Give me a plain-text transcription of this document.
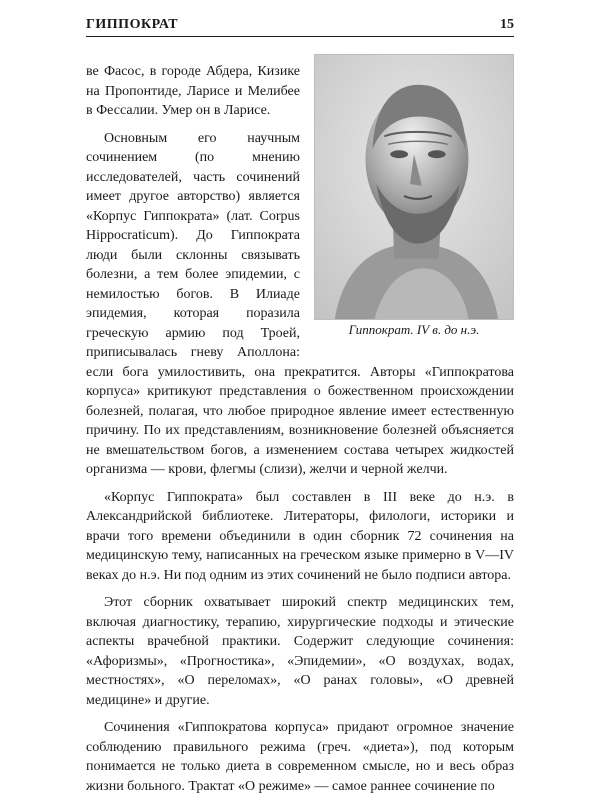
ГИППОКРАТ	15
Гиппократ. IV в. до н.э.

ве Фасос, в городе Абдера, Кизике на Пропонтиде, Ларисе и Мелибее в Фессалии. Умер он в Ларисе.

Основным его научным сочинением (по мнению исследователей, часть сочинений имеет другое авторство) является «Корпус Гиппократа» (лат. Corpus Hippocraticum). До Гиппократа люди были склонны связывать болезни, а тем более эпидемии, с немилостью богов. В Илиаде эпидемия, которая поразила греческую армию под Троей, приписывалась гневу Аполлона: если бога умилостивить, она прекратится. Авторы «Гиппократова корпуса» критикуют представления о божественном происхождении болезней, полагая, что любое природное явление имеет естественную причину. По их представлениям, возникновение болезней объясняется не вмешательством богов, а изменением состава четырех жидкостей организма — крови, флегмы (слизи), желчи и черной желчи.

«Корпус Гиппократа» был составлен в III веке до н.э. в Александрийской библиотеке. Литераторы, филологи, историки и врачи того времени объединили в один сборник 72 сочинения на медицинскую тему, написанных на греческом языке примерно в V—IV веках до н.э. Ни под одним из этих сочинений не было подписи автора.

Этот сборник охватывает широкий спектр медицинских тем, включая диагностику, терапию, хирургические подходы и этические аспекты врачебной практики. Содержит следующие сочинения: «Афоризмы», «Прогностика», «Эпидемии», «О воздухах, водах, местностях», «О переломах», «О ранах головы», «О древней медицине» и другие.

Сочинения «Гиппократова корпуса» придают огромное значение соблюдению правильного режима (греч. «диета»), под которым понимается не только диета в современном смысле, но и весь образ жизни больного. Трактат «О режиме» — самое раннее сочинение по
